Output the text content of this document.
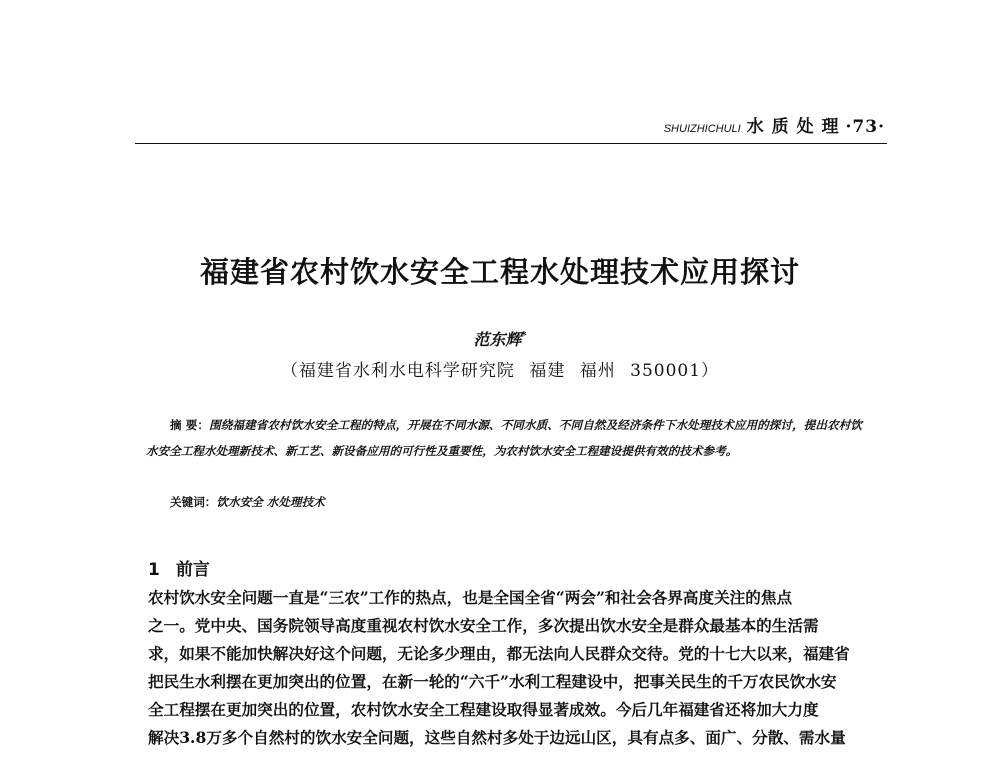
SHUIZHICHULI 水 质 处 理 ·73·
福建省农村饮水安全工程水处理技术应用探讨
范东辉*
（福建省水利水电科学研究院 福建 福州 350001）

摘 要：围绕福建省农村饮水安全工程的特点，开展在不同水源、不同水质、不同自然及经济条件下水处理技术应用的探讨，提出农村饮水安全工程水处理新技术、新工艺、新设备应用的可行性及重要性，为农村饮水安全工程建设提供有效的技术参考。

关键词：饮水安全 水处理技术
1 前言

农村饮水安全问题一直是“三农”工作的热点，也是全国全省“两会”和社会各界高度关注的焦点
之一。党中央、国务院领导高度重视农村饮水安全工作，多次提出饮水安全是群众最基本的生活需
求，如果不能加快解决好这个问题，无论多少理由，都无法向人民群众交待。党的十七大以来，福建省
把民生水利摆在更加突出的位置，在新一轮的“六千”水利工程建设中，把事关民生的千万农民饮水安
全工程摆在更加突出的位置，农村饮水安全工程建设取得显著成效。今后几年福建省还将加大力度
解决3.8万多个自然村的饮水安全问题，这些自然村多处于边远山区，具有点多、面广、分散、需水量
